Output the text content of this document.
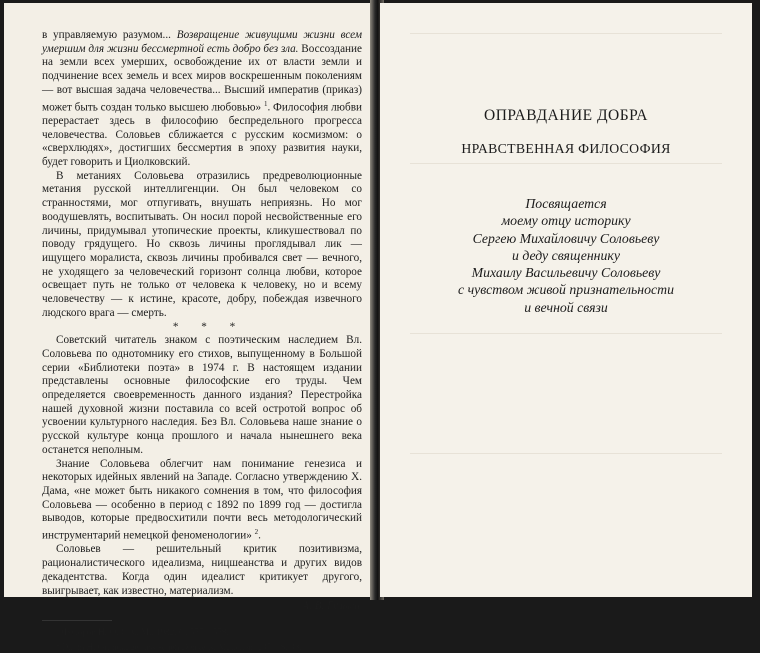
в управляемую разумом... Возвращение живущими жизни всем умершим для жизни бессмертной есть добро без зла. Воссоздание на земли всех умерших, освобождение их от власти земли и подчинение всех земель и всех миров воскрешенным поколениям — вот высшая задача человечества... Высший императив (приказ) может быть создан только высшею любовью» $^1$. Философия любви перерастает здесь в философию беспредельного прогресса человечества. Соловьев сближается с русским космизмом: о «сверхлюдях», достигших бессмертия в эпоху развития науки, будет говорить и Циолковский.

В метаниях Соловьева отразились предреволюционные метания русской интеллигенции. Он был человеком со странностями, мог отпугивать, внушать неприязнь. Но мог воодушевлять, воспитывать. Он носил порой несвойственные его личины, придумывал утопические проекты, кликушествовал по поводу грядущего. Но сквозь личины проглядывал лик — ищущего моралиста, сквозь личины пробивался свет — вечного, не уходящего за человеческий горизонт солнца любви, которое освещает путь не только от человека к человеку, но и всему человечеству — к истине, красоте, добру, побеждая извечного людского врага — смерть.

* * *

Советский читатель знаком с поэтическим наследием Вл. Соловьева по однотомнику его стихов, выпущенному в Большой серии «Библиотеки поэта» в 1974 г. В настоящем издании представлены основные философские его труды. Чем определяется своевременность данного издания? Перестройка нашей духовной жизни поставила со всей остротой вопрос об усвоении культурного наследия. Без Вл. Соловьева наше знание о русской культуре конца прошлого и начала нынешнего века останется неполным.

Знание Соловьева облегчит нам понимание генезиса и некоторых идейных явлений на Западе. Согласно утверждению Х. Дама, «не может быть никакого сомнения в том, что философия Соловьева — особенно в период с 1892 по 1899 год — достигла выводов, которые предвосхитили почти весь методологический инструментарий немецкой феноменологии» $^2$.

Соловьев — решительный критик позитивизма, рационалистического идеализма, ницшеанства и других видов декадентства. Когда один идеалист критикует другого, выигрывает, как известно, материализм.

А. В. Гулыга

$^1$ Федоров Н. Ф. Соч. М., 1982. С. 557—558.

$^2$ Dahm H. Grundzüge russischen Denkens. München, 1979. S. 33.

ОПРАВДАНИЕ ДОБРА
НРАВСТВЕННАЯ ФИЛОСОФИЯ
Посвящается
моему отцу историку
Сергею Михайловичу Соловьеву
и деду священнику
Михаилу Васильевичу Соловьеву
с чувством живой признательности
и вечной связи
